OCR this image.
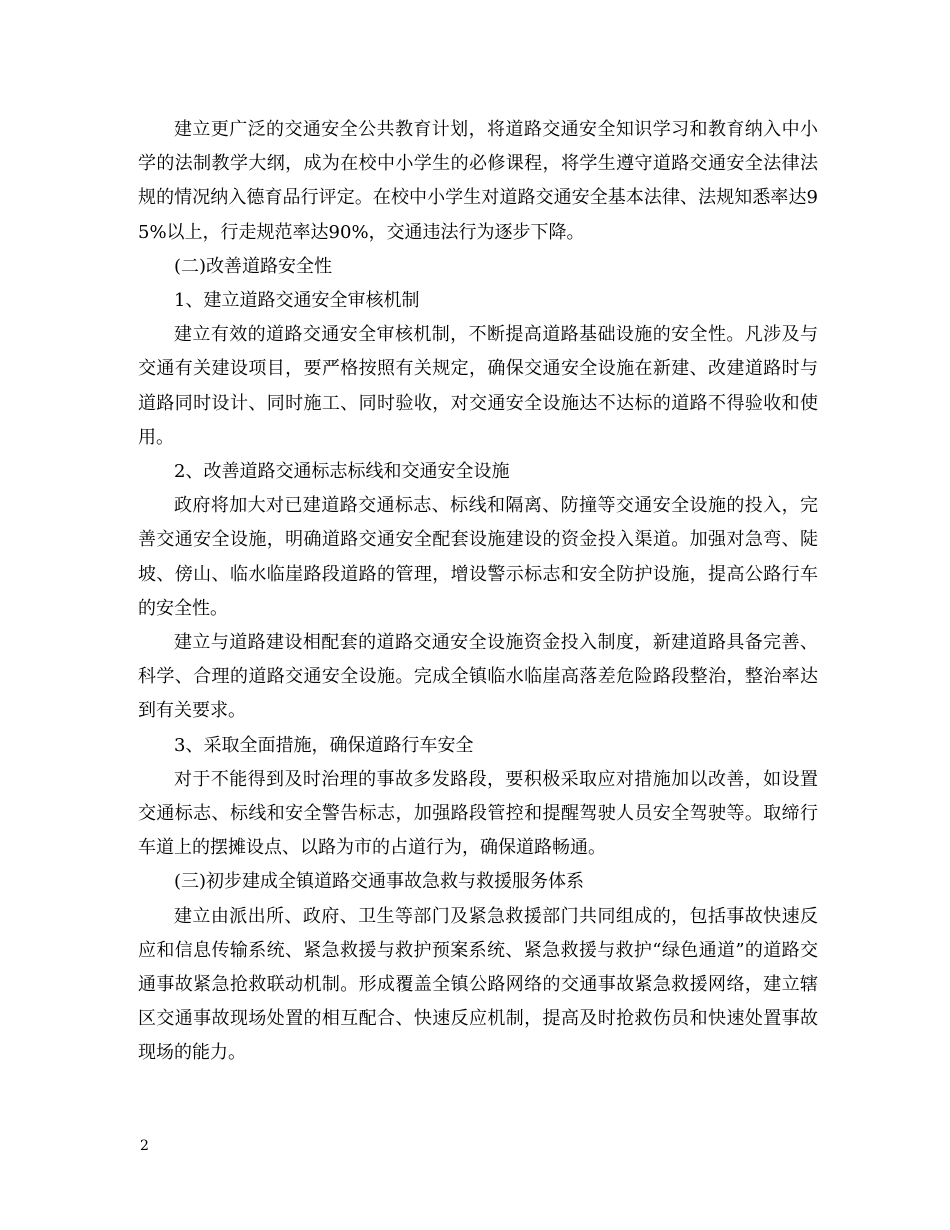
建立更广泛的交通安全公共教育计划，将道路交通安全知识学习和教育纳入中小学的法制教学大纲，成为在校中小学生的必修课程，将学生遵守道路交通安全法律法规的情况纳入德育品行评定。在校中小学生对道路交通安全基本法律、法规知悉率达95%以上，行走规范率达90%，交通违法行为逐步下降。

(二)改善道路安全性

1、建立道路交通安全审核机制

建立有效的道路交通安全审核机制，不断提高道路基础设施的安全性。凡涉及与交通有关建设项目，要严格按照有关规定，确保交通安全设施在新建、改建道路时与道路同时设计、同时施工、同时验收，对交通安全设施达不达标的道路不得验收和使用。

2、改善道路交通标志标线和交通安全设施

政府将加大对已建道路交通标志、标线和隔离、防撞等交通安全设施的投入，完善交通安全设施，明确道路交通安全配套设施建设的资金投入渠道。加强对急弯、陡坡、傍山、临水临崖路段道路的管理，增设警示标志和安全防护设施，提高公路行车的安全性。

建立与道路建设相配套的道路交通安全设施资金投入制度，新建道路具备完善、科学、合理的道路交通安全设施。完成全镇临水临崖高落差危险路段整治，整治率达到有关要求。

3、采取全面措施，确保道路行车安全

对于不能得到及时治理的事故多发路段，要积极采取应对措施加以改善，如设置交通标志、标线和安全警告标志，加强路段管控和提醒驾驶人员安全驾驶等。取缔行车道上的摆摊设点、以路为市的占道行为，确保道路畅通。

(三)初步建成全镇道路交通事故急救与救援服务体系

建立由派出所、政府、卫生等部门及紧急救援部门共同组成的，包括事故快速反应和信息传输系统、紧急救援与救护预案系统、紧急救援与救护“绿色通道”的道路交通事故紧急抢救联动机制。形成覆盖全镇公路网络的交通事故紧急救援网络，建立辖区交通事故现场处置的相互配合、快速反应机制，提高及时抢救伤员和快速处置事故现场的能力。

2
